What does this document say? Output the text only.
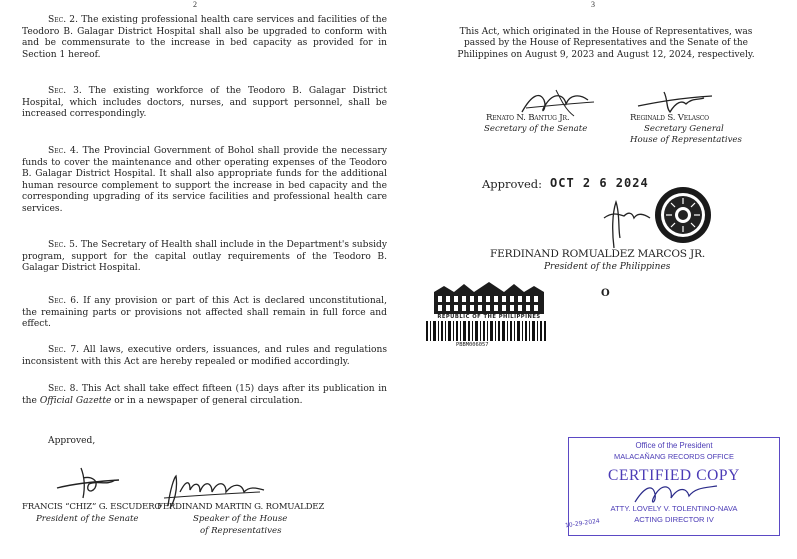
2

Sec. 2. The existing professional health care services and facilities of the Teodoro B. Galagar District Hospital shall also be upgraded to conform with and be commensurate to the increase in bed capacity as provided for in Section 1 hereof.

Sec. 3. The existing workforce of the Teodoro B. Galagar District Hospital, which includes doctors, nurses, and support personnel, shall be increased correspondingly.

Sec. 4. The Provincial Government of Bohol shall provide the necessary funds to cover the maintenance and other operating expenses of the Teodoro B. Galagar District Hospital. It shall also appropriate funds for the additional human resource complement to support the increase in bed capacity and the corresponding upgrading of its service facilities and professional health care services.

Sec. 5. The Secretary of Health shall include in the Department's subsidy program, support for the capital outlay requirements of the Teodoro B. Galagar District Hospital.

Sec. 6. If any provision or part of this Act is declared unconstitutional, the remaining parts or provisions not affected shall remain in full force and effect.

Sec. 7. All laws, executive orders, issuances, and rules and regulations inconsistent with this Act are hereby repealed or modified accordingly.

Sec. 8. This Act shall take effect fifteen (15) days after its publication in the Official Gazette or in a newspaper of general circulation.

Approved,
FRANCIS “CHIZ” G. ESCUDERO
President of the Senate
FERDINAND MARTIN G. ROMUALDEZ
Speaker of the House
of Representatives
3

This Act, which originated in the House of Representatives, was passed by the House of Representatives and the Senate of the Philippines on August 9, 2023 and August 12, 2024, respectively.

Renato N. Bantug Jr.
Secretary of the Senate
Reginald S. Velasco
Secretary General
House of Representatives
Approved: OCT 2 6 2024
FERDINAND ROMUALDEZ MARCOS JR.
President of the Philippines
O
REPUBLIC OF THE PHILIPPINES
PBBM006057
Office of the President
MALACAÑANG RECORDS OFFICE
CERTIFIED COPY
ATTY. LOVELY V. TOLENTINO-NAVA
ACTING DIRECTOR IV
10-29-2024
